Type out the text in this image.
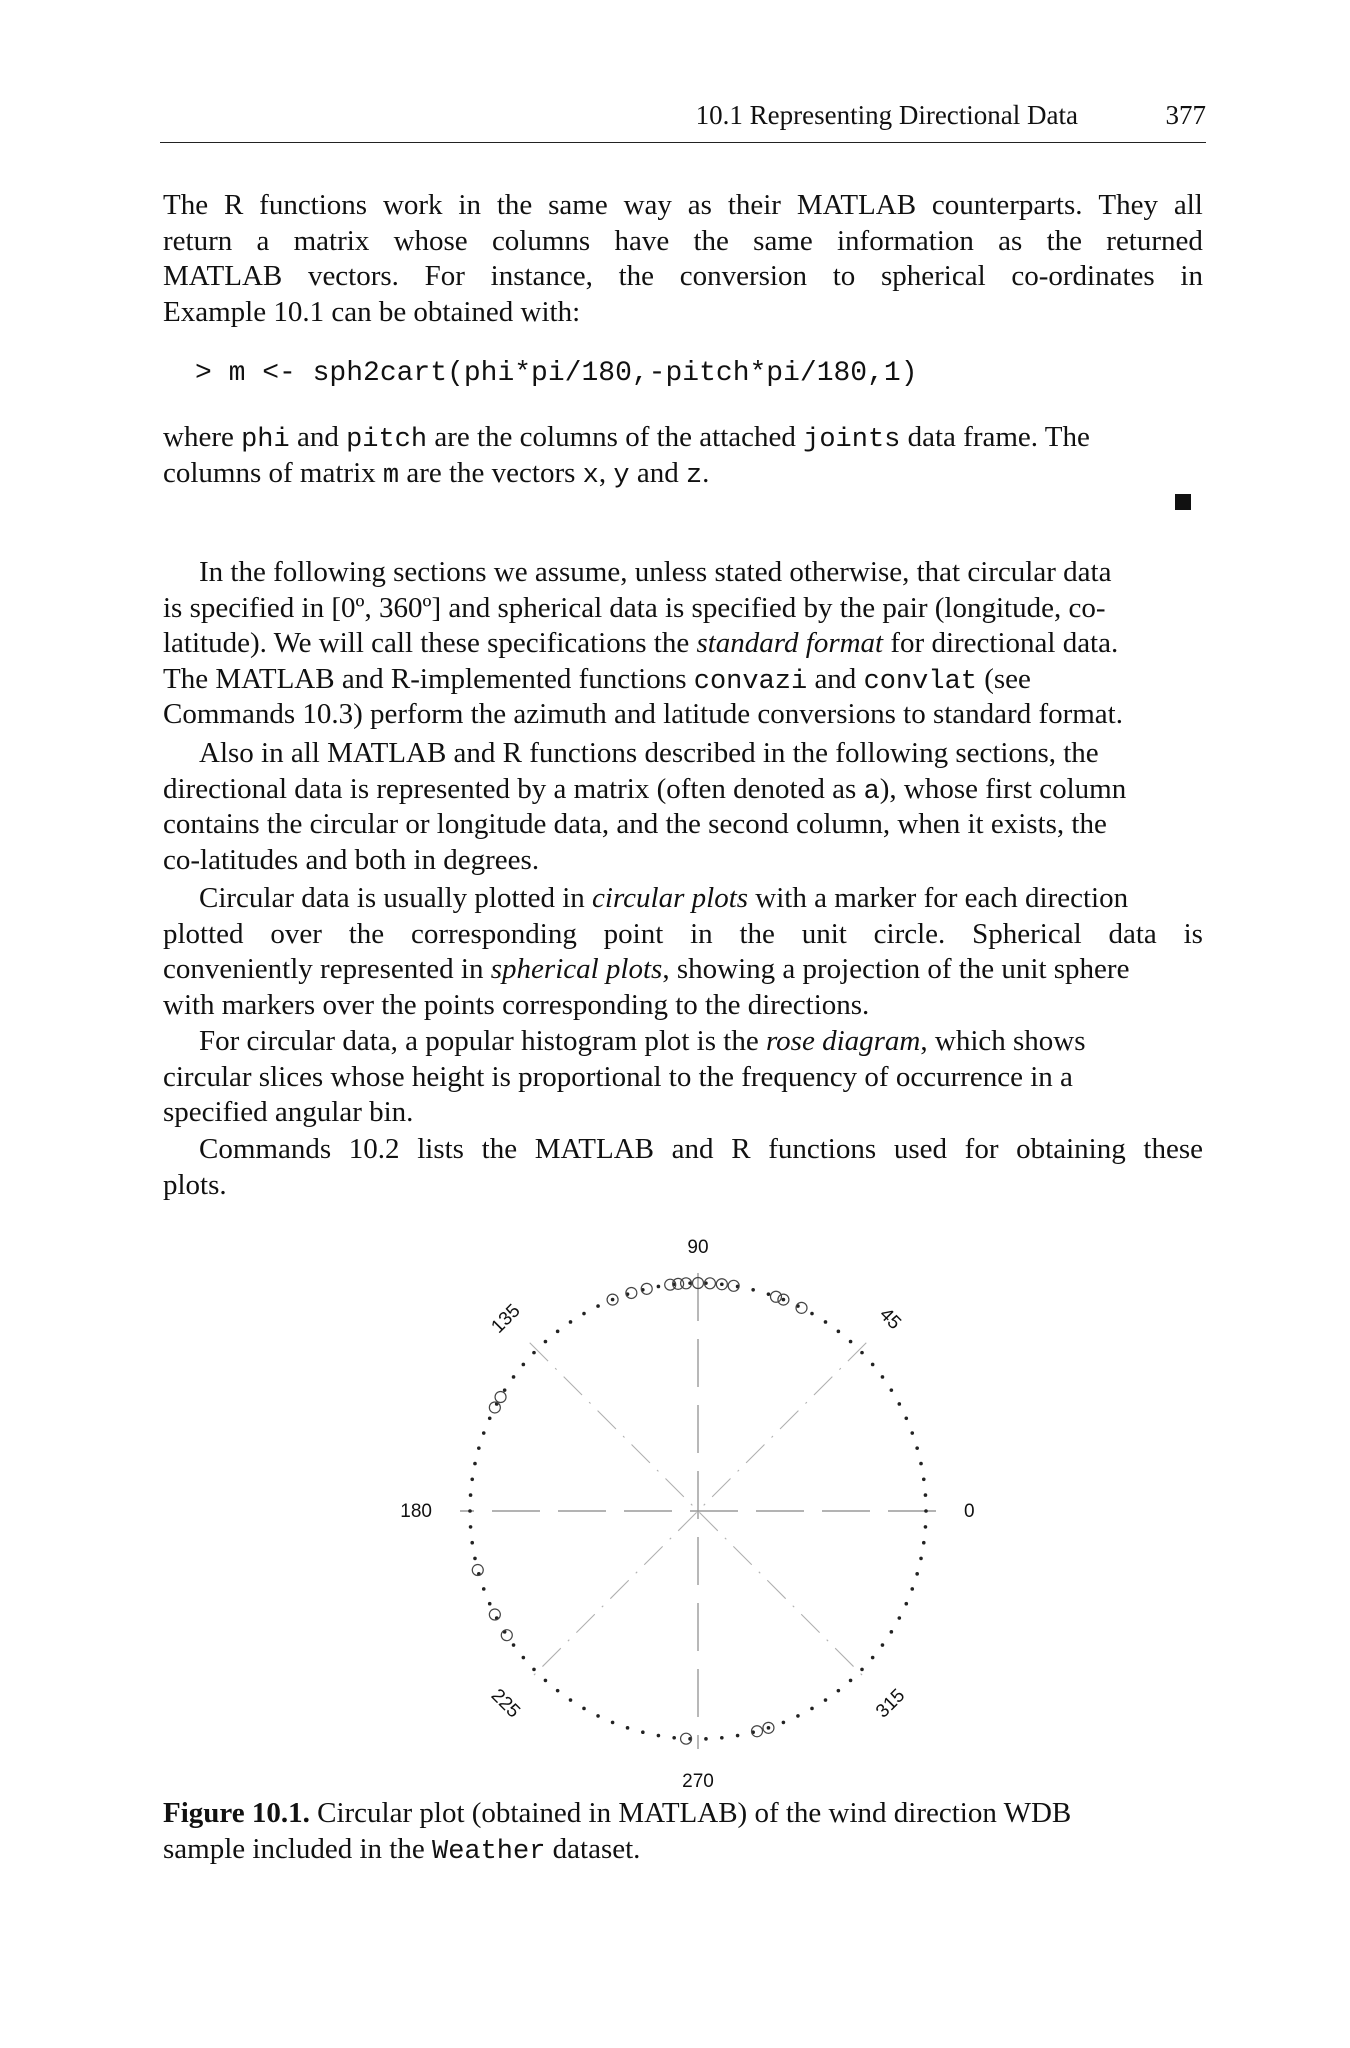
10.1 Representing Directional Data	377
The R functions work in the same way as their MATLAB counterparts. They all
return a matrix whose columns have the same information as the returned
MATLAB vectors. For instance, the conversion to spherical co-ordinates in
Example 10.1 can be obtained with:
> m <- sph2cart(phi*pi/180,-pitch*pi/180,1)
where phi and pitch are the columns of the attached joints data frame. The
columns of matrix m are the vectors x, y and z.
In the following sections we assume, unless stated otherwise, that circular data
is specified in [0º, 360º] and spherical data is specified by the pair (longitude, co-
latitude). We will call these specifications the standard format for directional data.
The MATLAB and R-implemented functions convazi and convlat (see
Commands 10.3) perform the azimuth and latitude conversions to standard format.
Also in all MATLAB and R functions described in the following sections, the
directional data is represented by a matrix (often denoted as a), whose first column
contains the circular or longitude data, and the second column, when it exists, the
co-latitudes and both in degrees.
Circular data is usually plotted in circular plots with a marker for each direction
plotted over the corresponding point in the unit circle. Spherical data is
conveniently represented in spherical plots, showing a projection of the unit sphere
with markers over the points corresponding to the directions.
For circular data, a popular histogram plot is the rose diagram, which shows
circular slices whose height is proportional to the frequency of occurrence in a
specified angular bin.
Commands 10.2 lists the MATLAB and R functions used for obtaining these
plots.
0
45
90
135
180
225
270
315
Figure 10.1. Circular plot (obtained in MATLAB) of the wind direction WDB
sample included in the Weather dataset.
